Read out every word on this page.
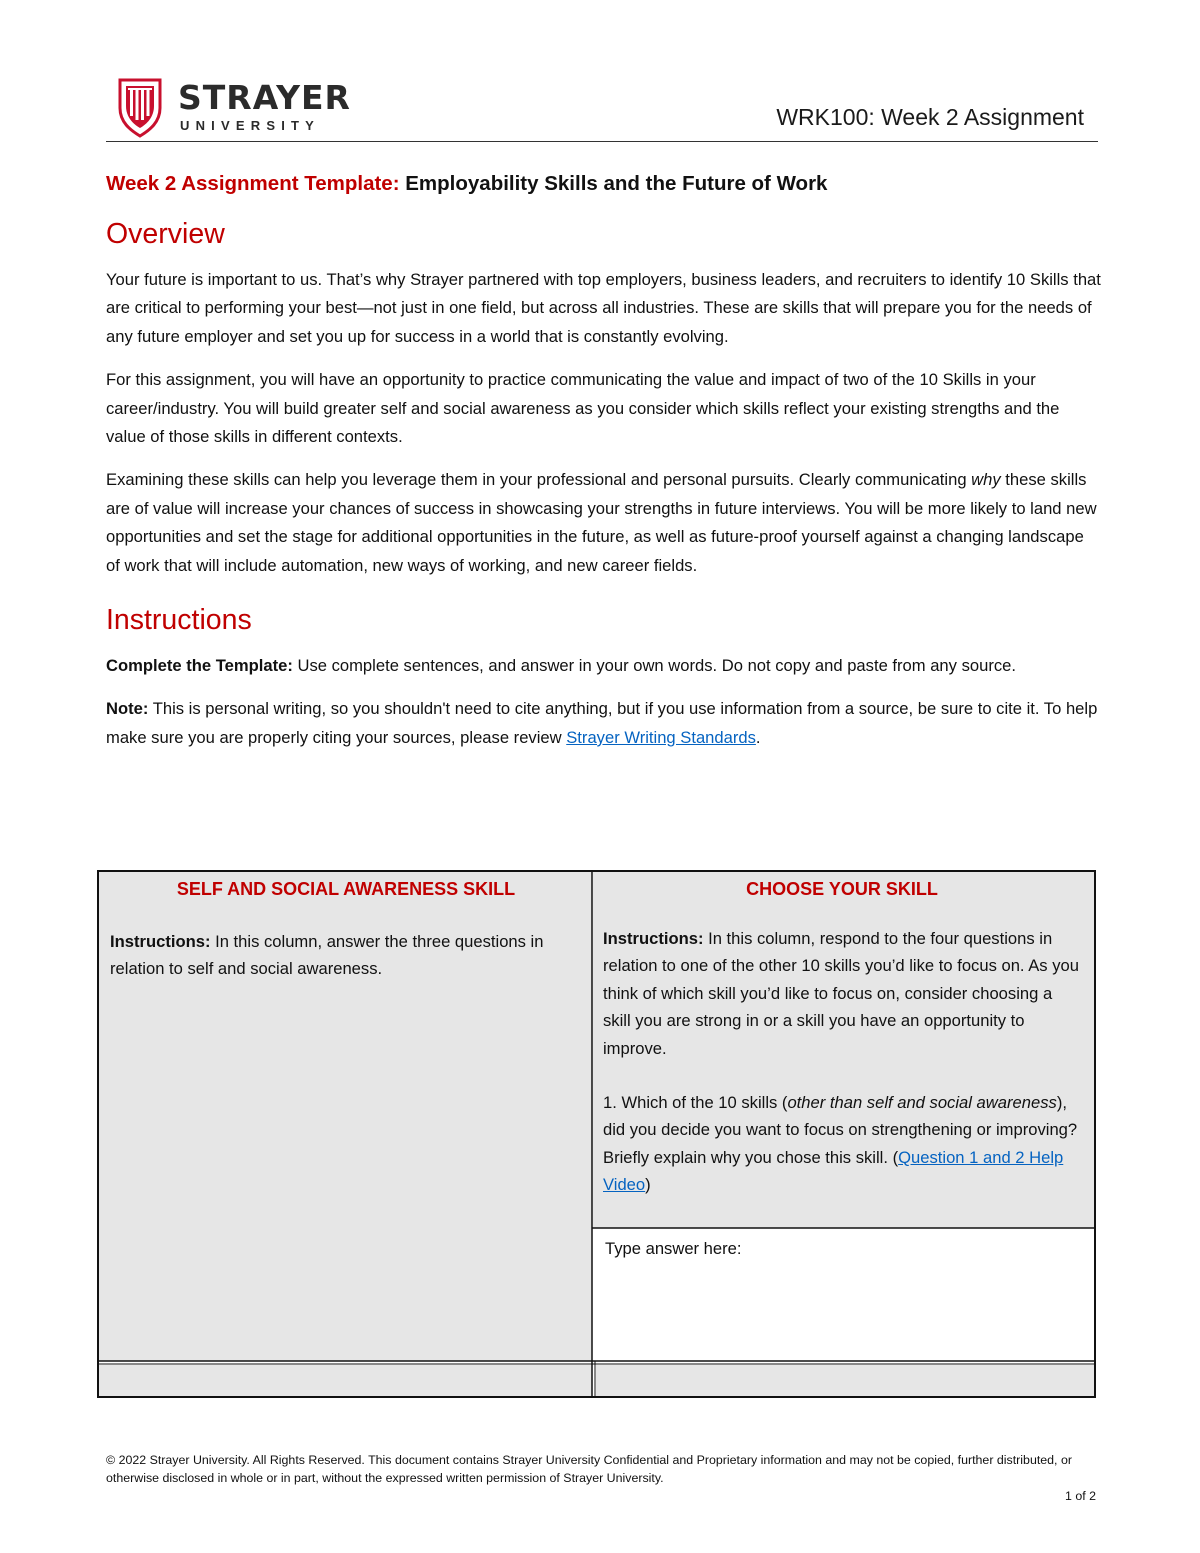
STRAYER
UNIVERSITY	WRK100: Week 2 Assignment
Week 2 Assignment Template: Employability Skills and the Future of Work
Overview

Your future is important to us. That’s why Strayer partnered with top employers, business leaders, and recruiters to identify 10 Skills that are critical to performing your best—not just in one field, but across all industries. These are skills that will prepare you for the needs of any future employer and set you up for success in a world that is constantly evolving.

For this assignment, you will have an opportunity to practice communicating the value and impact of two of the 10 Skills in your career/industry. You will build greater self and social awareness as you consider which skills reflect your existing strengths and the value of those skills in different contexts.

Examining these skills can help you leverage them in your professional and personal pursuits. Clearly communicating why these skills are of value will increase your chances of success in showcasing your strengths in future interviews. You will be more likely to land new opportunities and set the stage for additional opportunities in the future, as well as future-proof yourself against a changing landscape of work that will include automation, new ways of working, and new career fields.

Instructions

Complete the Template: Use complete sentences, and answer in your own words. Do not copy and paste from any source.

Note: This is personal writing, so you shouldn't need to cite anything, but if you use information from a source, be sure to cite it. To help make sure you are properly citing your sources, please review Strayer Writing Standards.

SELF AND SOCIAL AWARENESS SKILL

Instructions: In this column, answer the three questions in relation to self and social awareness.

CHOOSE YOUR SKILL

Instructions: In this column, respond to the four questions in relation to one of the other 10 skills you’d like to focus on. As you think of which skill you’d like to focus on, consider choosing a skill you are strong in or a skill you have an opportunity to improve.

1. Which of the 10 skills (other than self and social awareness), did you decide you want to focus on strengthening or improving? Briefly explain why you chose this skill. (Question 1 and 2 Help Video)

Type answer here:

© 2022 Strayer University. All Rights Reserved. This document contains Strayer University Confidential and Proprietary information and may not be copied, further distributed, or otherwise disclosed in whole or in part, without the expressed written permission of Strayer University.
1 of 2
